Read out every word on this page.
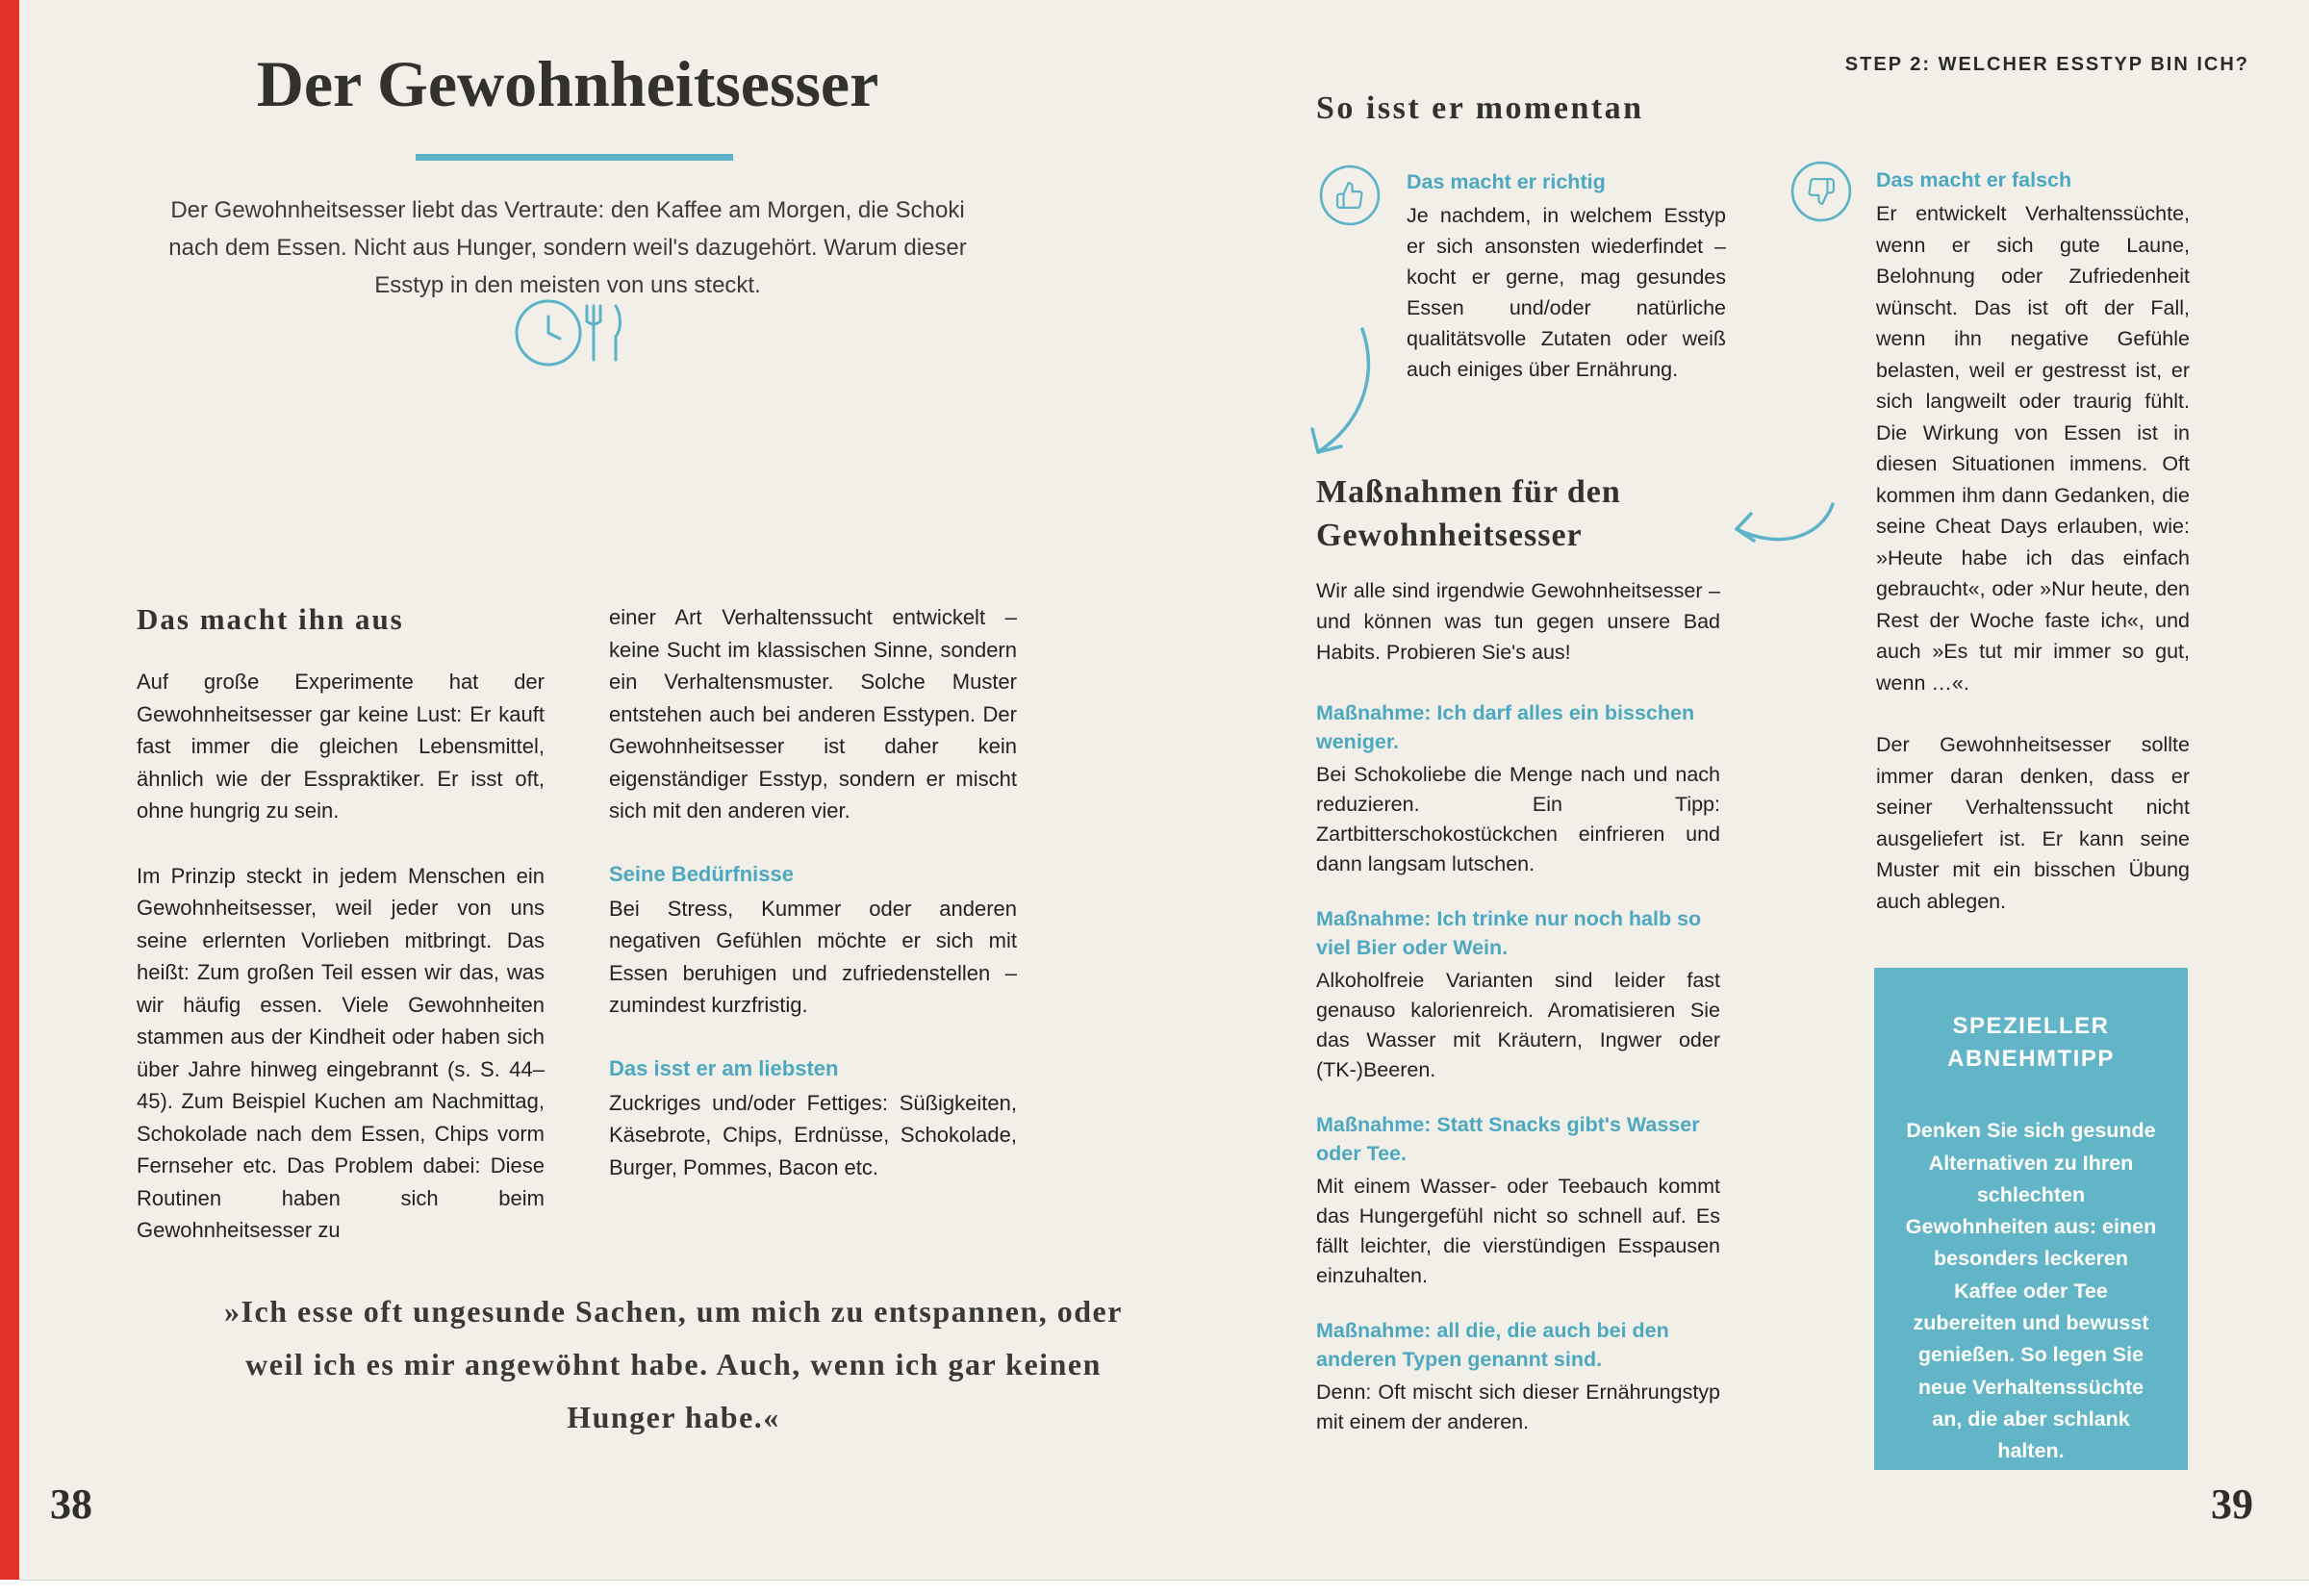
Der Gewohnheitsesser

Der Gewohnheitsesser liebt das Vertraute: den Kaffee am Morgen, die Schoki nach dem Essen. Nicht aus Hunger, sondern weil's dazugehört. Warum dieser Esstyp in den meisten von uns steckt.

Das macht ihn aus

Auf große Experimente hat der Gewohnheitsesser gar keine Lust: Er kauft fast immer die gleichen Lebensmittel, ähnlich wie der Esspraktiker. Er isst oft, ohne hungrig zu sein.

Im Prinzip steckt in jedem Menschen ein Gewohnheitsesser, weil jeder von uns seine erlernten Vorlieben mitbringt. Das heißt: Zum großen Teil essen wir das, was wir häufig essen. Viele Gewohnheiten stammen aus der Kindheit oder haben sich über Jahre hinweg eingebrannt (s. S. 44–45). Zum Beispiel Kuchen am Nachmittag, Schokolade nach dem Essen, Chips vorm Fernseher etc. Das Problem dabei: Diese Routinen haben sich beim Gewohnheitsesser zu

einer Art Verhaltenssucht entwickelt – keine Sucht im klassischen Sinne, sondern ein Verhaltensmuster. Solche Muster entstehen auch bei anderen Esstypen. Der Gewohnheitsesser ist daher kein eigenständiger Esstyp, sondern er mischt sich mit den anderen vier.

Seine Bedürfnisse

Bei Stress, Kummer oder anderen negativen Gefühlen möchte er sich mit Essen beruhigen und zufriedenstellen – zumindest kurzfristig.

Das isst er am liebsten

Zuckriges und/oder Fettiges: Süßigkeiten, Käsebrote, Chips, Erdnüsse, Schokolade, Burger, Pommes, Bacon etc.

»Ich esse oft ungesunde Sachen, um mich zu entspannen, oder weil ich es mir angewöhnt habe. Auch, wenn ich gar keinen Hunger habe.«
38
STEP 2: WELCHER ESSTYP BIN ICH?
So isst er momentan
Das macht er richtig

Je nachdem, in welchem Esstyp er sich ansonsten wiederfindet – kocht er gerne, mag gesundes Essen und/oder natürliche qualitätsvolle Zutaten oder weiß auch einiges über Ernährung.

Maßnahmen für den Gewohnheitsesser

Wir alle sind irgendwie Gewohnheitsesser – und können was tun gegen unsere Bad Habits. Probieren Sie's aus!

Maßnahme: Ich darf alles ein bisschen weniger.

Bei Schokoliebe die Menge nach und nach reduzieren. Ein Tipp: Zartbitterschokostückchen einfrieren und dann langsam lutschen.

Maßnahme: Ich trinke nur noch halb so viel Bier oder Wein.

Alkoholfreie Varianten sind leider fast genauso kalorienreich. Aromatisieren Sie das Wasser mit Kräutern, Ingwer oder (TK-)Beeren.

Maßnahme: Statt Snacks gibt's Wasser oder Tee.

Mit einem Wasser- oder Teebauch kommt das Hungergefühl nicht so schnell auf. Es fällt leichter, die vierstündigen Esspausen einzuhalten.

Maßnahme: all die, die auch bei den anderen Typen genannt sind.

Denn: Oft mischt sich dieser Ernährungstyp mit einem der anderen.

Das macht er falsch

Er entwickelt Verhaltenssüchte, wenn er sich gute Laune, Belohnung oder Zufriedenheit wünscht. Das ist oft der Fall, wenn ihn negative Gefühle belasten, weil er gestresst ist, er sich langweilt oder traurig fühlt. Die Wirkung von Essen ist in diesen Situationen immens. Oft kommen ihm dann Gedanken, die seine Cheat Days erlauben, wie: »Heute habe ich das einfach gebraucht«, oder »Nur heute, den Rest der Woche faste ich«, und auch »Es tut mir immer so gut, wenn …«.

Der Gewohnheitsesser sollte immer daran denken, dass er seiner Verhaltenssucht nicht ausgeliefert ist. Er kann seine Muster mit ein bisschen Übung auch ablegen.

SPEZIELLER ABNEHMTIPP

Denken Sie sich gesunde Alternativen zu Ihren schlechten Gewohnheiten aus: einen besonders leckeren Kaffee oder Tee zubereiten und bewusst genießen. So legen Sie neue Verhaltenssüchte an, die aber schlank halten.

39
